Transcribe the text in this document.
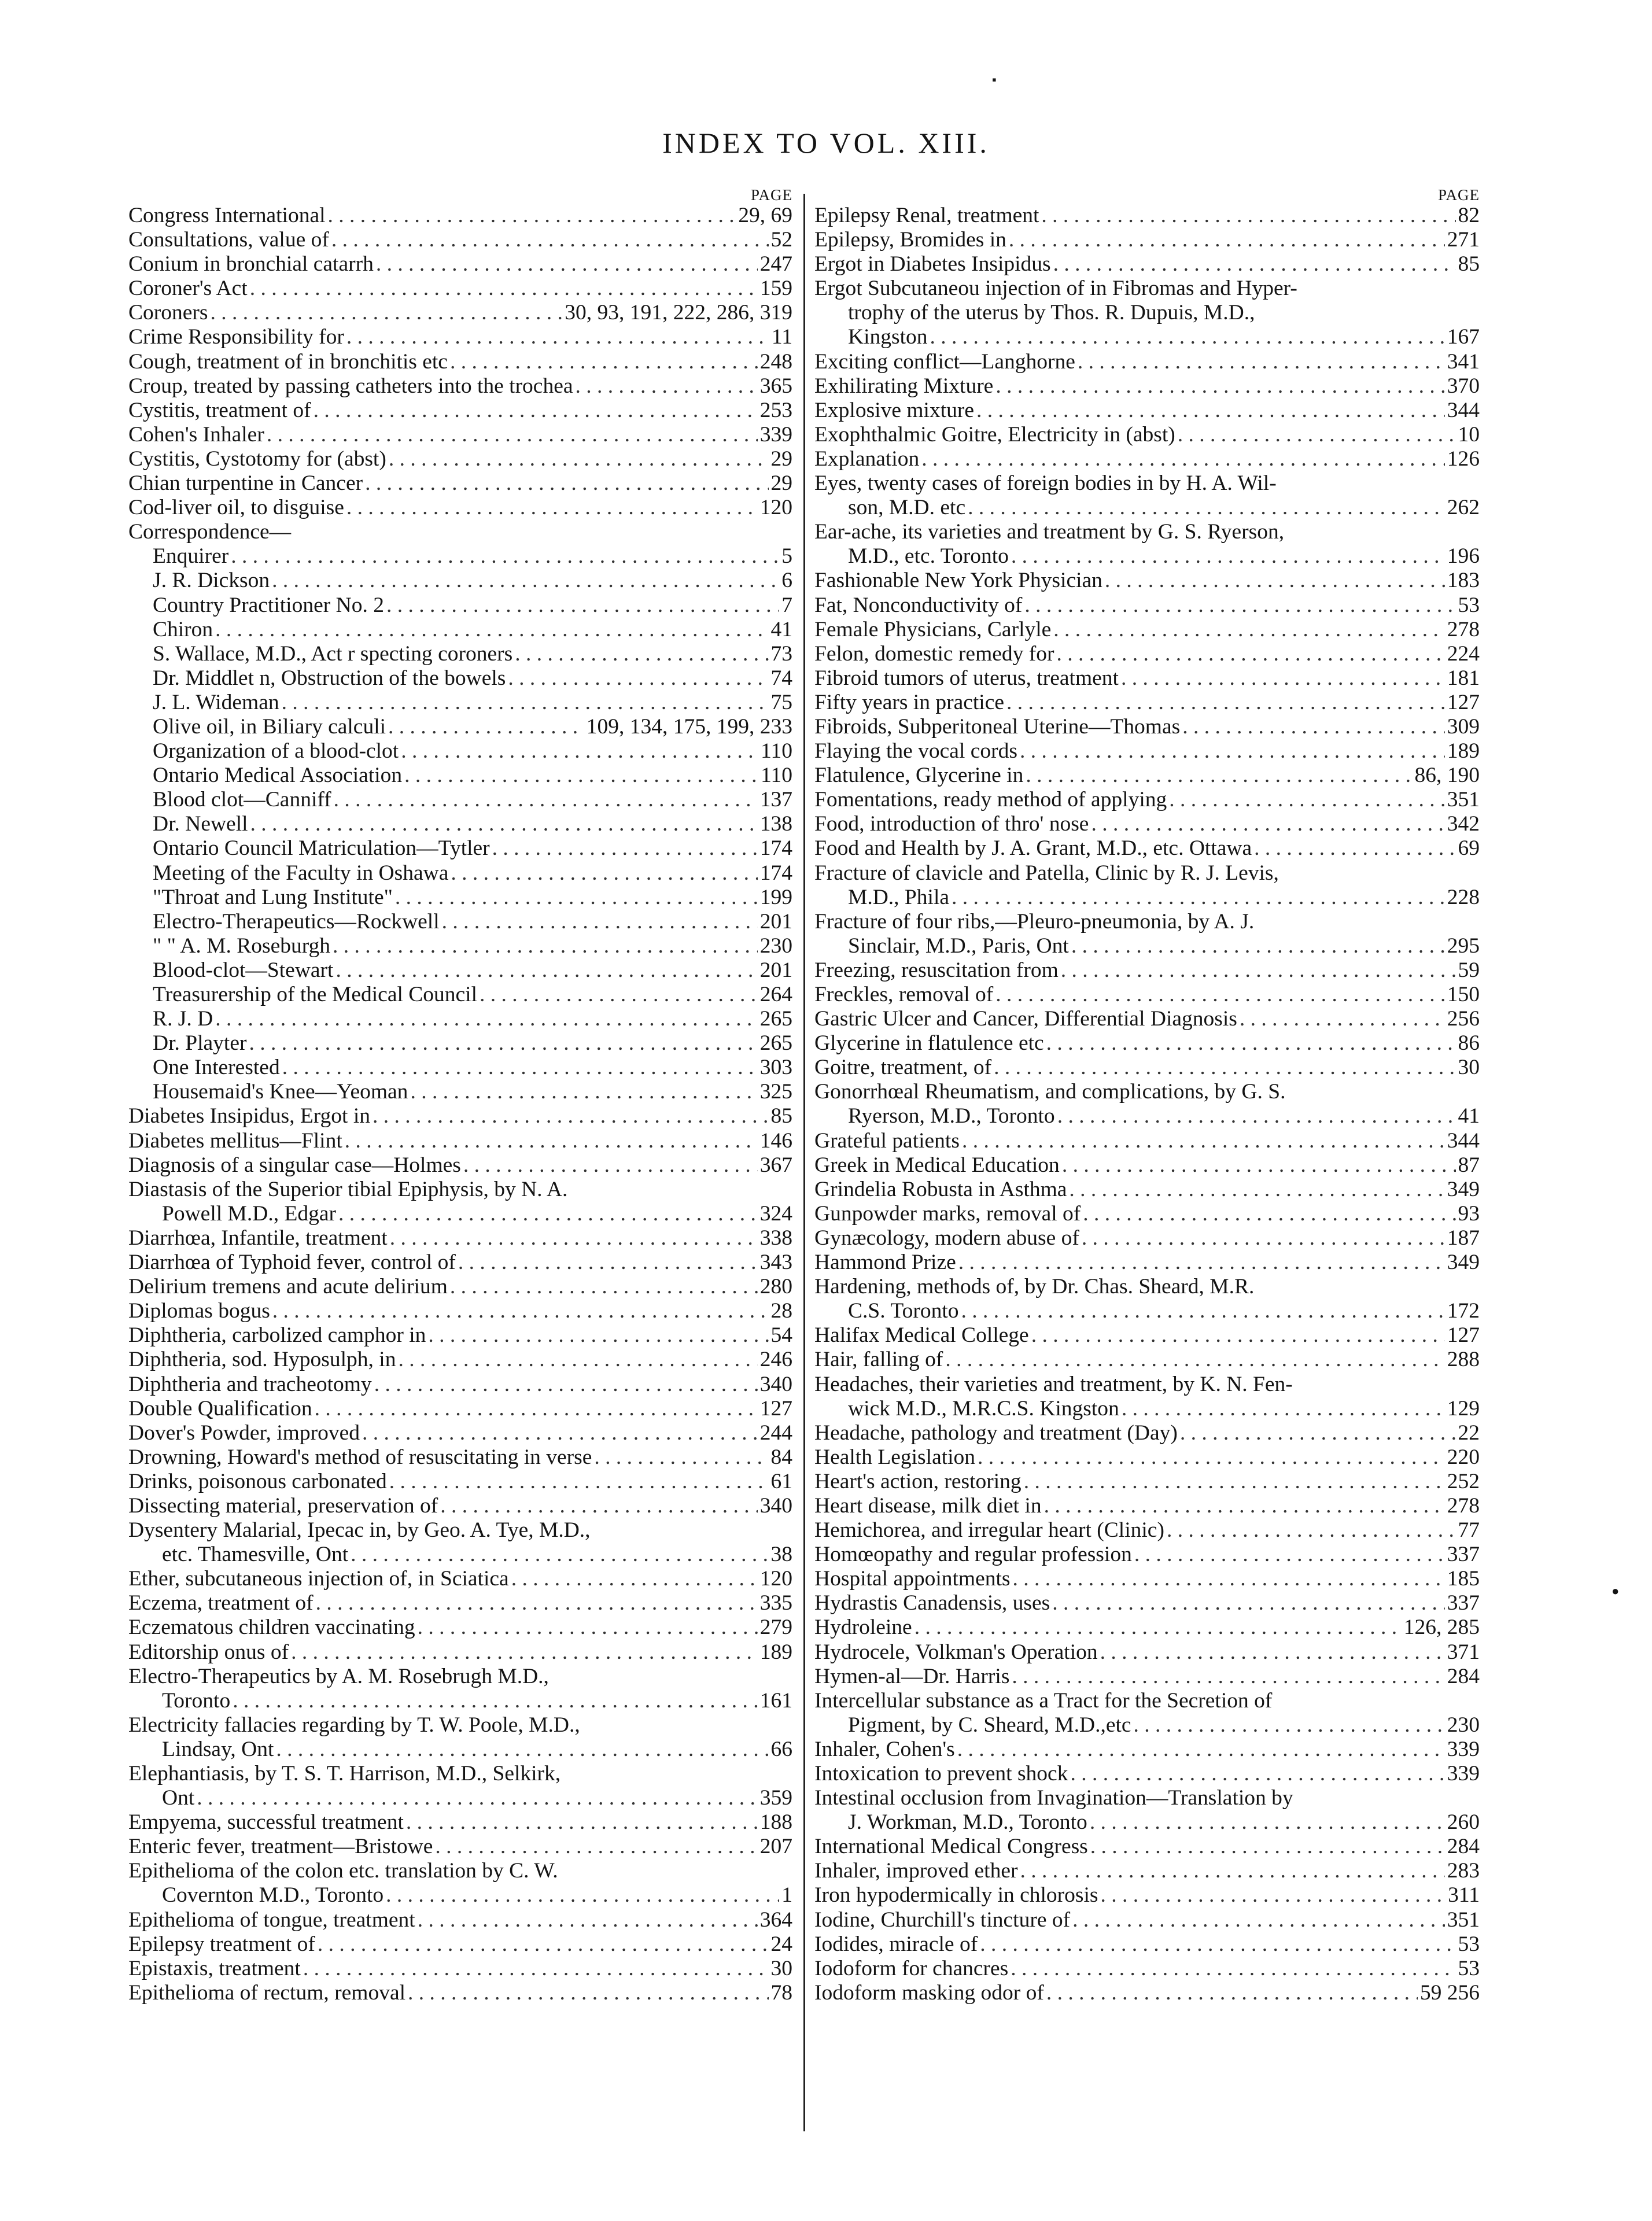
▪
●
INDEX TO VOL. XIII.
PAGE
Congress International . . .	29, 69
Consultations, value of . . .	52
Conium in bronchial catarrh . . .	247
Coroner's Act . . .	159
Coroners . . .	30, 93, 191, 222, 286, 319
Crime Responsibility for . . .	11
Cough, treatment of in bronchitis etc . . .	248
Croup, treated by passing catheters into the trochea . . .	365
Cystitis, treatment of . . .	253
Cohen's Inhaler . . .	339
Cystitis, Cystotomy for (abst) . . .	29
Chian turpentine in Cancer . . .	29
Cod-liver oil, to disguise . . .	120
Correspondence—
Enquirer . . .	5
J. R. Dickson . . .	6
Country Practitioner No. 2 . . .	7
Chiron . . .	41
S. Wallace, M.D., Act r specting coroners . . .	73
Dr. Middlet n, Obstruction of the bowels . . .	74
J. L. Wideman . . .	75
Olive oil, in Biliary calculi . . .	109, 134, 175, 199, 233
Organization of a blood-clot . . .	110
Ontario Medical Association . . .	110
Blood clot—Canniff . . .	137
Dr. Newell . . .	138
Ontario Council Matriculation—Tytler . . .	174
Meeting of the Faculty in Oshawa . . .	174
"Throat and Lung Institute" . . .	199
Electro-Therapeutics—Rockwell . . .	201
" " A. M. Roseburgh . . .	230
Blood-clot—Stewart . . .	201
Treasurership of the Medical Council . . .	264
R. J. D . . .	265
Dr. Playter . . .	265
One Interested . . .	303
Housemaid's Knee—Yeoman . . .	325
Diabetes Insipidus, Ergot in . . .	85
Diabetes mellitus—Flint . . .	146
Diagnosis of a singular case—Holmes . . .	367
Diastasis of the Superior tibial Epiphysis, by N. A.
Powell M.D., Edgar . . .	324
Diarrhœa, Infantile, treatment . . .	338
Diarrhœa of Typhoid fever, control of . . .	343
Delirium tremens and acute delirium . . .	280
Diplomas bogus . . .	28
Diphtheria, carbolized camphor in . . .	54
Diphtheria, sod. Hyposulph, in . . .	246
Diphtheria and tracheotomy . . .	340
Double Qualification . . .	127
Dover's Powder, improved . . .	244
Drowning, Howard's method of resuscitating in verse . . .	84
Drinks, poisonous carbonated . . .	61
Dissecting material, preservation of . . .	340
Dysentery Malarial, Ipecac in, by Geo. A. Tye, M.D.,
etc. Thamesville, Ont . . .	38
Ether, subcutaneous injection of, in Sciatica . . .	120
Eczema, treatment of . . .	335
Eczematous children vaccinating . . .	279
Editorship onus of . . .	189
Electro-Therapeutics by A. M. Rosebrugh M.D.,
Toronto . . .	161
Electricity fallacies regarding by T. W. Poole, M.D.,
Lindsay, Ont . . .	66
Elephantiasis, by T. S. T. Harrison, M.D., Selkirk,
Ont . . .	359
Empyema, successful treatment . . .	188
Enteric fever, treatment—Bristowe . . .	207
Epithelioma of the colon etc. translation by C. W.
Covernton M.D., Toronto . . .	1
Epithelioma of tongue, treatment . . .	364
Epilepsy treatment of . . .	24
Epistaxis, treatment . . .	30
Epithelioma of rectum, removal . . .	78
PAGE
Epilepsy Renal, treatment . . .	82
Epilepsy, Bromides in . . .	271
Ergot in Diabetes Insipidus . . .	85
Ergot Subcutaneou injection of in Fibromas and Hyper-
trophy of the uterus by Thos. R. Dupuis, M.D.,
Kingston . . .	167
Exciting conflict—Langhorne . . .	341
Exhilirating Mixture . . .	370
Explosive mixture . . .	344
Exophthalmic Goitre, Electricity in (abst) . . .	10
Explanation . . .	126
Eyes, twenty cases of foreign bodies in by H. A. Wil-
son, M.D. etc . . .	262
Ear-ache, its varieties and treatment by G. S. Ryerson,
M.D., etc. Toronto . . .	196
Fashionable New York Physician . . .	183
Fat, Nonconductivity of . . .	53
Female Physicians, Carlyle . . .	278
Felon, domestic remedy for . . .	224
Fibroid tumors of uterus, treatment . . .	181
Fifty years in practice . . .	127
Fibroids, Subperitoneal Uterine—Thomas . . .	309
Flaying the vocal cords . . .	189
Flatulence, Glycerine in . . .	86, 190
Fomentations, ready method of applying . . .	351
Food, introduction of thro' nose . . .	342
Food and Health by J. A. Grant, M.D., etc. Ottawa . . .	69
Fracture of clavicle and Patella, Clinic by R. J. Levis,
M.D., Phila . . .	228
Fracture of four ribs,—Pleuro-pneumonia, by A. J.
Sinclair, M.D., Paris, Ont . . .	295
Freezing, resuscitation from . . .	59
Freckles, removal of . . .	150
Gastric Ulcer and Cancer, Differential Diagnosis . . .	256
Glycerine in flatulence etc . . .	86
Goitre, treatment, of . . .	30
Gonorrhœal Rheumatism, and complications, by G. S.
Ryerson, M.D., Toronto . . .	41
Grateful patients . . .	344
Greek in Medical Education . . .	87
Grindelia Robusta in Asthma . . .	349
Gunpowder marks, removal of . . .	93
Gynæcology, modern abuse of . . .	187
Hammond Prize . . .	349
Hardening, methods of, by Dr. Chas. Sheard, M.R.
C.S. Toronto . . .	172
Halifax Medical College . . .	127
Hair, falling of . . .	288
Headaches, their varieties and treatment, by K. N. Fen-
wick M.D., M.R.C.S. Kingston . . .	129
Headache, pathology and treatment (Day) . . .	22
Health Legislation . . .	220
Heart's action, restoring . . .	252
Heart disease, milk diet in . . .	278
Hemichorea, and irregular heart (Clinic) . . .	77
Homœopathy and regular profession . . .	337
Hospital appointments . . .	185
Hydrastis Canadensis, uses . . .	337
Hydroleine . . .	126, 285
Hydrocele, Volkman's Operation . . .	371
Hymen-al—Dr. Harris . . .	284
Intercellular substance as a Tract for the Secretion of
Pigment, by C. Sheard, M.D.,etc . . .	230
Inhaler, Cohen's . . .	339
Intoxication to prevent shock . . .	339
Intestinal occlusion from Invagination—Translation by
J. Workman, M.D., Toronto . . .	260
International Medical Congress . . .	284
Inhaler, improved ether . . .	283
Iron hypodermically in chlorosis . . .	311
Iodine, Churchill's tincture of . . .	351
Iodides, miracle of . . .	53
Iodoform for chancres . . .	53
Iodoform masking odor of . . .	59 256
